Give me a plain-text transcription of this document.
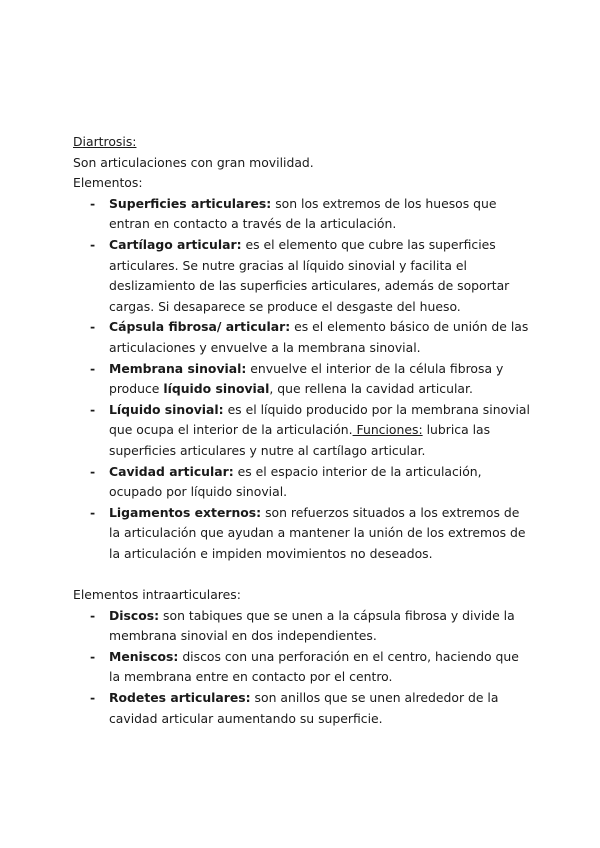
Diartrosis:

Son articulaciones con gran movilidad.

Elementos:

- Superficies articulares: son los extremos de los huesos que entran en contacto a través de la articulación.
- Cartílago articular: es el elemento que cubre las superficies articulares. Se nutre gracias al líquido sinovial y facilita el deslizamiento de las superficies articulares, además de soportar cargas. Si desaparece se produce el desgaste del hueso.
- Cápsula fibrosa/ articular: es el elemento básico de unión de las articulaciones y envuelve a la membrana sinovial.
- Membrana sinovial: envuelve el interior de la célula fibrosa y produce líquido sinovial, que rellena la cavidad articular.
- Líquido sinovial: es el líquido producido por la membrana sinovial que ocupa el interior de la articulación. Funciones: lubrica las superficies articulares y nutre al cartílago articular.
- Cavidad articular: es el espacio interior de la articulación, ocupado por líquido sinovial.
- Ligamentos externos: son refuerzos situados a los extremos de la articulación que ayudan a mantener la unión de los extremos de la articulación e impiden movimientos no deseados.

Elementos intraarticulares:

- Discos: son tabiques que se unen a la cápsula fibrosa y divide la membrana sinovial en dos independientes.
- Meniscos: discos con una perforación en el centro, haciendo que la membrana entre en contacto por el centro.
- Rodetes articulares: son anillos que se unen alrededor de la cavidad articular aumentando su superficie.
